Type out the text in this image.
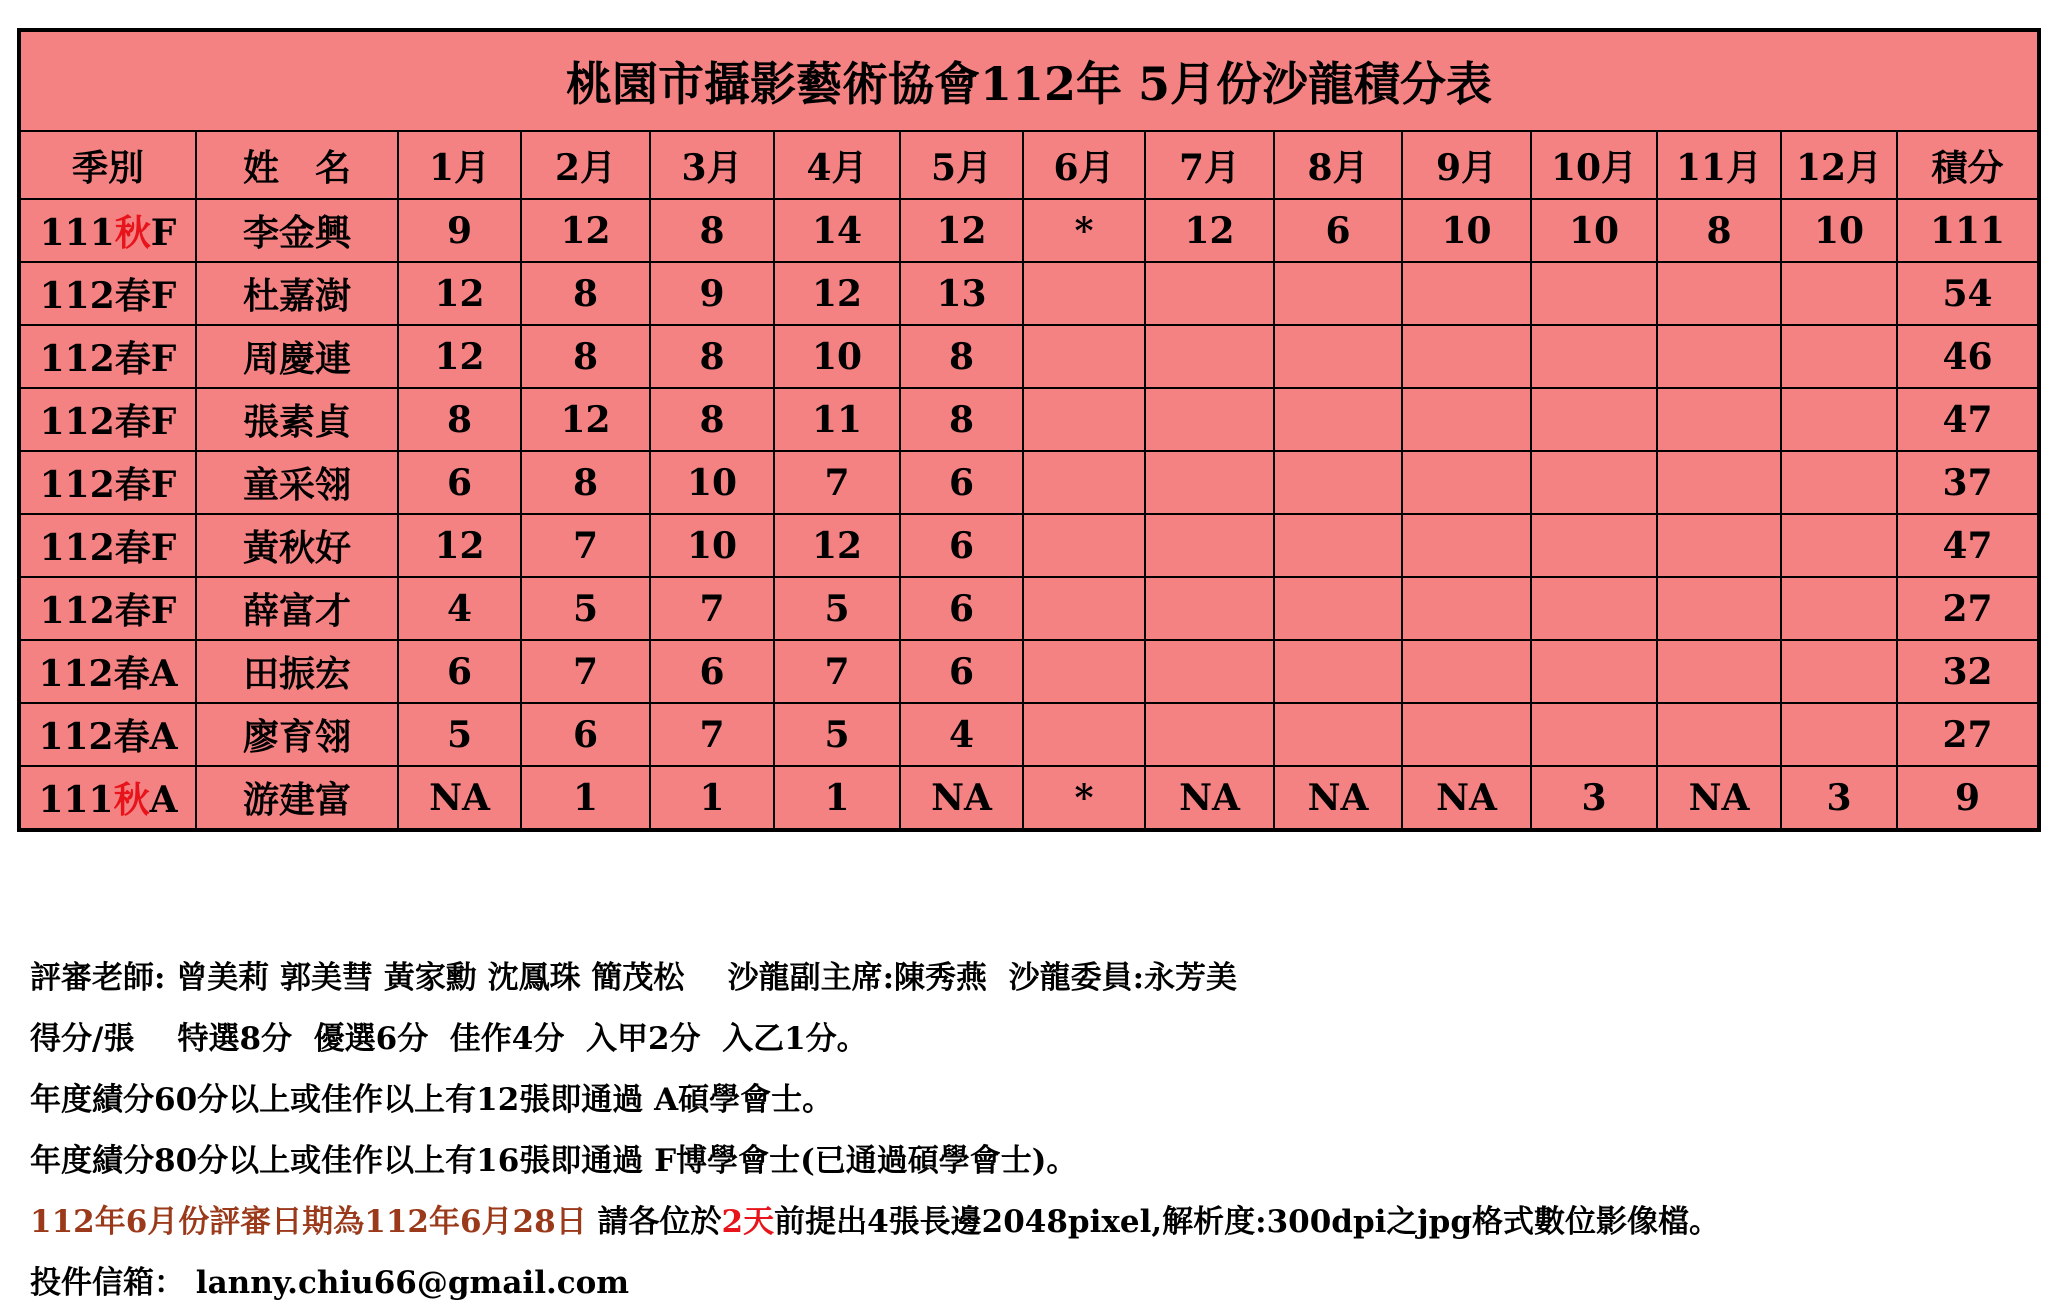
桃園市攝影藝術協會112年 5月份沙龍積分表														
季別	姓　名	1月	2月	3月	4月	5月	6月	7月	8月	9月	10月	11月	12月	積分
111秋F	李金興	9	12	8	14	12	*	12	6	10	10	8	10	111
112春F	杜嘉澍	12	8	9	12	13								54
112春F	周慶連	12	8	8	10	8								46
112春F	張素貞	8	12	8	11	8								47
112春F	童采翎	6	8	10	7	6								37
112春F	黃秋好	12	7	10	12	6								47
112春F	薛富才	4	5	7	5	6								27
112春A	田振宏	6	7	6	7	6								32
112春A	廖育翎	5	6	7	5	4								27
111秋A	游建富	NA	1	1	1	NA	*	NA	NA	NA	3	NA	3	9
評審老師: 曾美莉 郭美彗 黃家勳 沈鳳珠 簡茂松    沙龍副主席:陳秀燕  沙龍委員:永芳美
得分/張    特選8分  優選6分  佳作4分  入甲2分  入乙1分。
年度績分60分以上或佳作以上有12張即通過 A碩學會士。
年度績分80分以上或佳作以上有16張即通過 F博學會士(已通過碩學會士)。
112年6月份評審日期為112年6月28日 請各位於2天前提出4張長邊2048pixel,解析度:300dpi之jpg格式數位影像檔。
投件信箱： lanny.chiu66@gmail.com
